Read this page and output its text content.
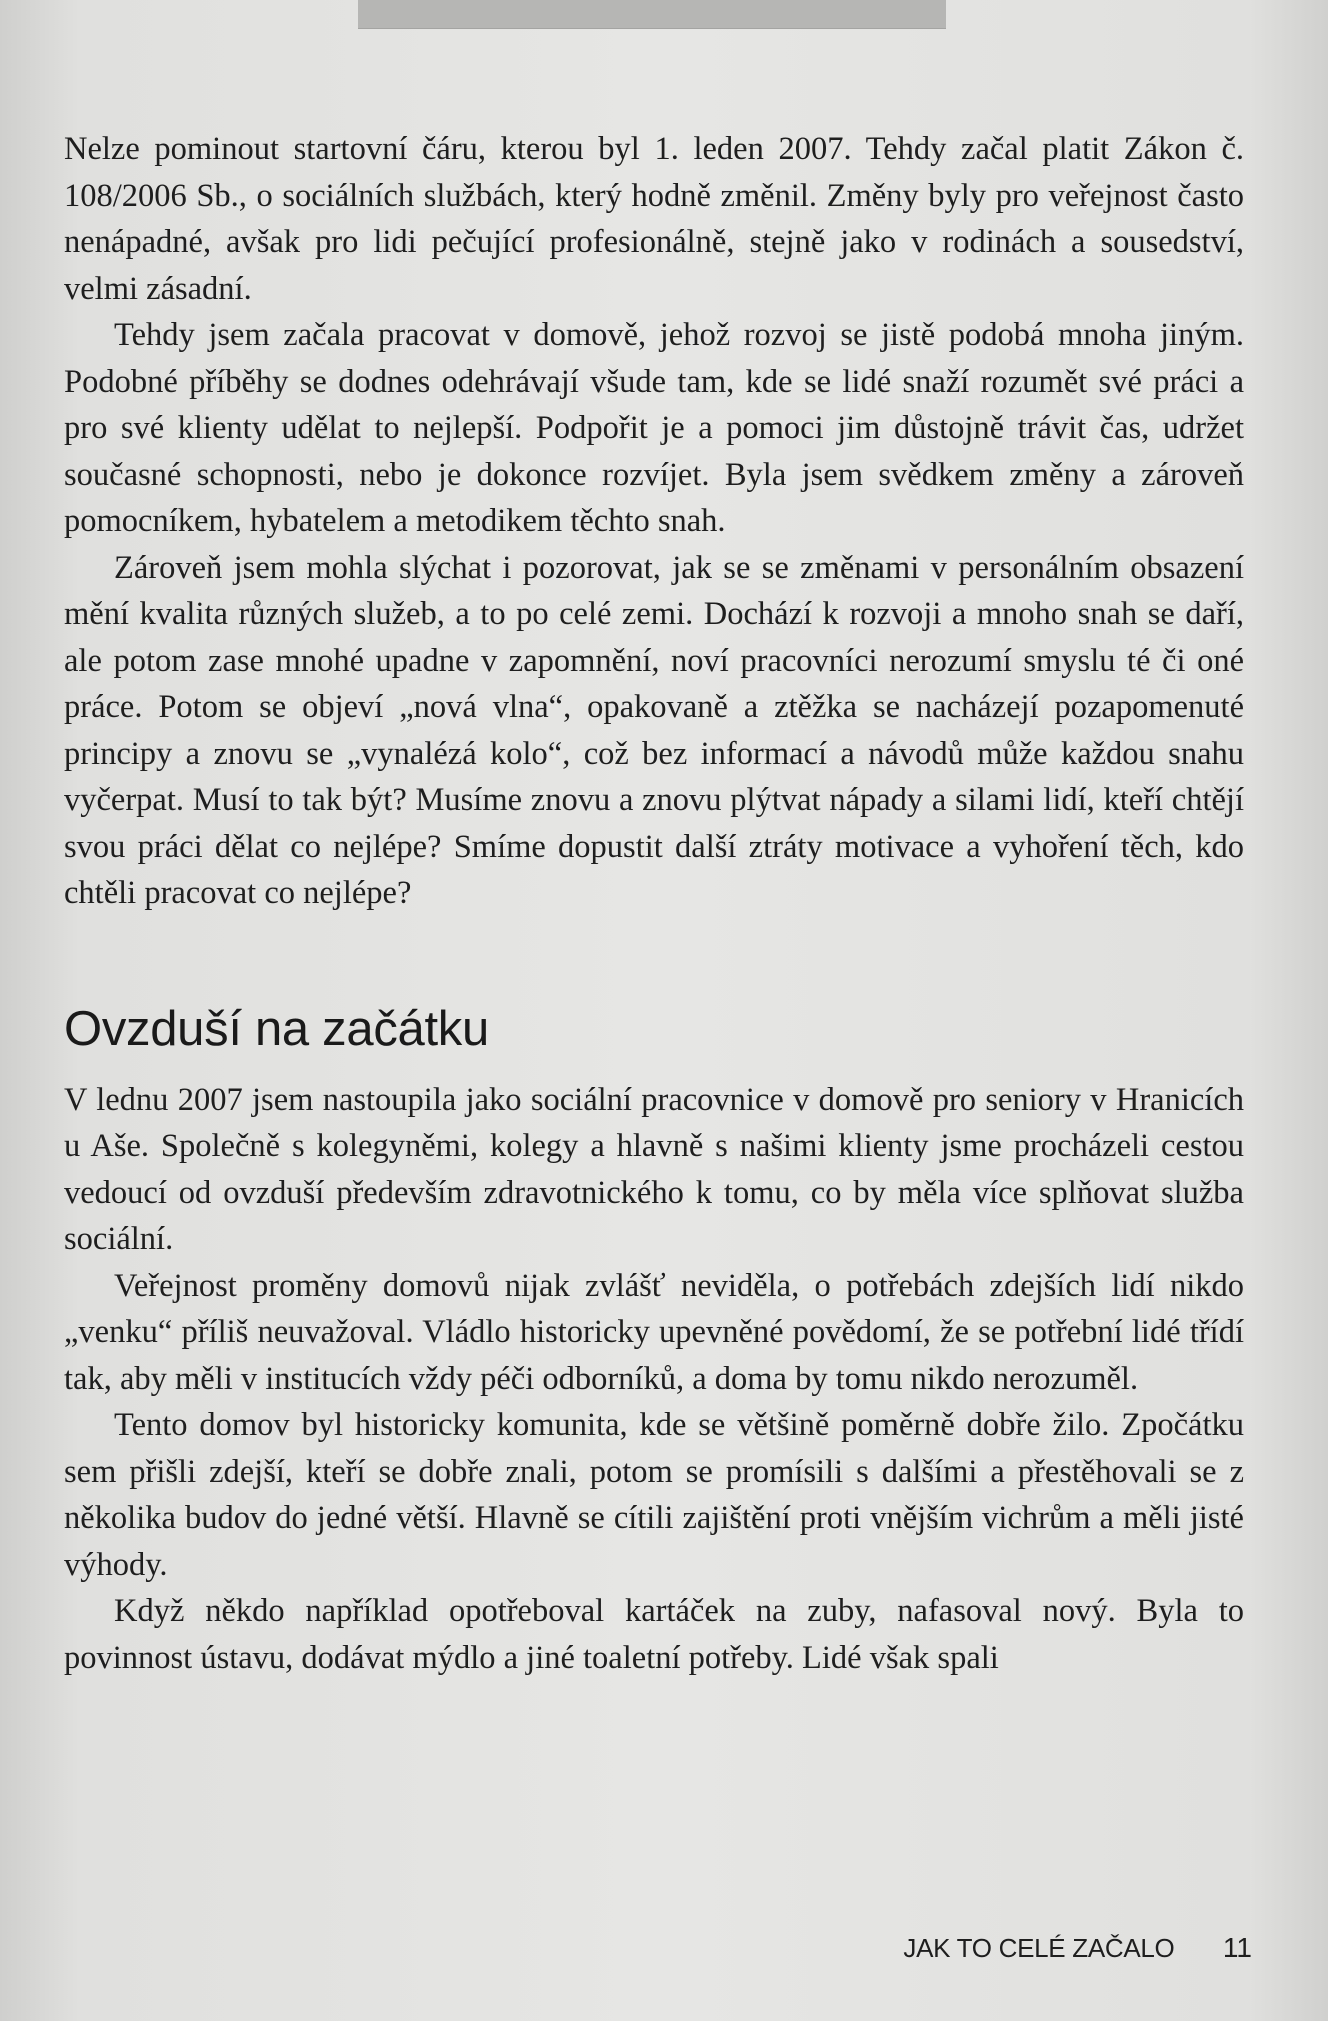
Nelze pominout startovní čáru, kterou byl 1. leden 2007. Tehdy začal platit Zákon č. 108/2006 Sb., o sociálních službách, který hodně změnil. Změny byly pro veřejnost často nenápadné, avšak pro lidi pečující profesionálně, stejně jako v rodinách a sousedství, velmi zásadní.

Tehdy jsem začala pracovat v domově, jehož rozvoj se jistě podobá mnoha jiným. Podobné příběhy se dodnes odehrávají všude tam, kde se lidé snaží rozumět své práci a pro své klienty udělat to nejlepší. Podpořit je a pomoci jim důstojně trávit čas, udržet současné schopnosti, nebo je dokonce rozvíjet. Byla jsem svědkem změny a zároveň pomocníkem, hybatelem a metodikem těchto snah.

Zároveň jsem mohla slýchat i pozorovat, jak se se změnami v personálním obsazení mění kvalita různých služeb, a to po celé zemi. Dochází k rozvoji a mnoho snah se daří, ale potom zase mnohé upadne v zapomnění, noví pracovníci nerozumí smyslu té či oné práce. Potom se objeví „nová vlna“, opakovaně a ztěžka se nacházejí pozapomenuté principy a znovu se „vynalézá kolo“, což bez informací a návodů může každou snahu vyčerpat. Musí to tak být? Musíme znovu a znovu plýtvat nápady a silami lidí, kteří chtějí svou práci dělat co nejlépe? Smíme dopustit další ztráty motivace a vyhoření těch, kdo chtěli pracovat co nejlépe?

Ovzduší na začátku

V lednu 2007 jsem nastoupila jako sociální pracovnice v domově pro seniory v Hranicích u Aše. Společně s kolegyněmi, kolegy a hlavně s našimi klienty jsme procházeli cestou vedoucí od ovzduší především zdravotnického k tomu, co by měla více splňovat služba sociální.

Veřejnost proměny domovů nijak zvlášť neviděla, o potřebách zdejších lidí nikdo „venku“ příliš neuvažoval. Vládlo historicky upevněné povědomí, že se potřební lidé třídí tak, aby měli v institucích vždy péči odborníků, a doma by tomu nikdo nerozuměl.

Tento domov byl historicky komunita, kde se většině poměrně dobře žilo. Zpočátku sem přišli zdejší, kteří se dobře znali, potom se promísili s dalšími a přestěhovali se z několika budov do jedné větší. Hlavně se cítili zajištění proti vnějším vichrům a měli jisté výhody.

Když někdo například opotřeboval kartáček na zuby, nafasoval nový. Byla to povinnost ústavu, dodávat mýdlo a jiné toaletní potřeby. Lidé však spali

JAK TO CELÉ ZAČALO 11
